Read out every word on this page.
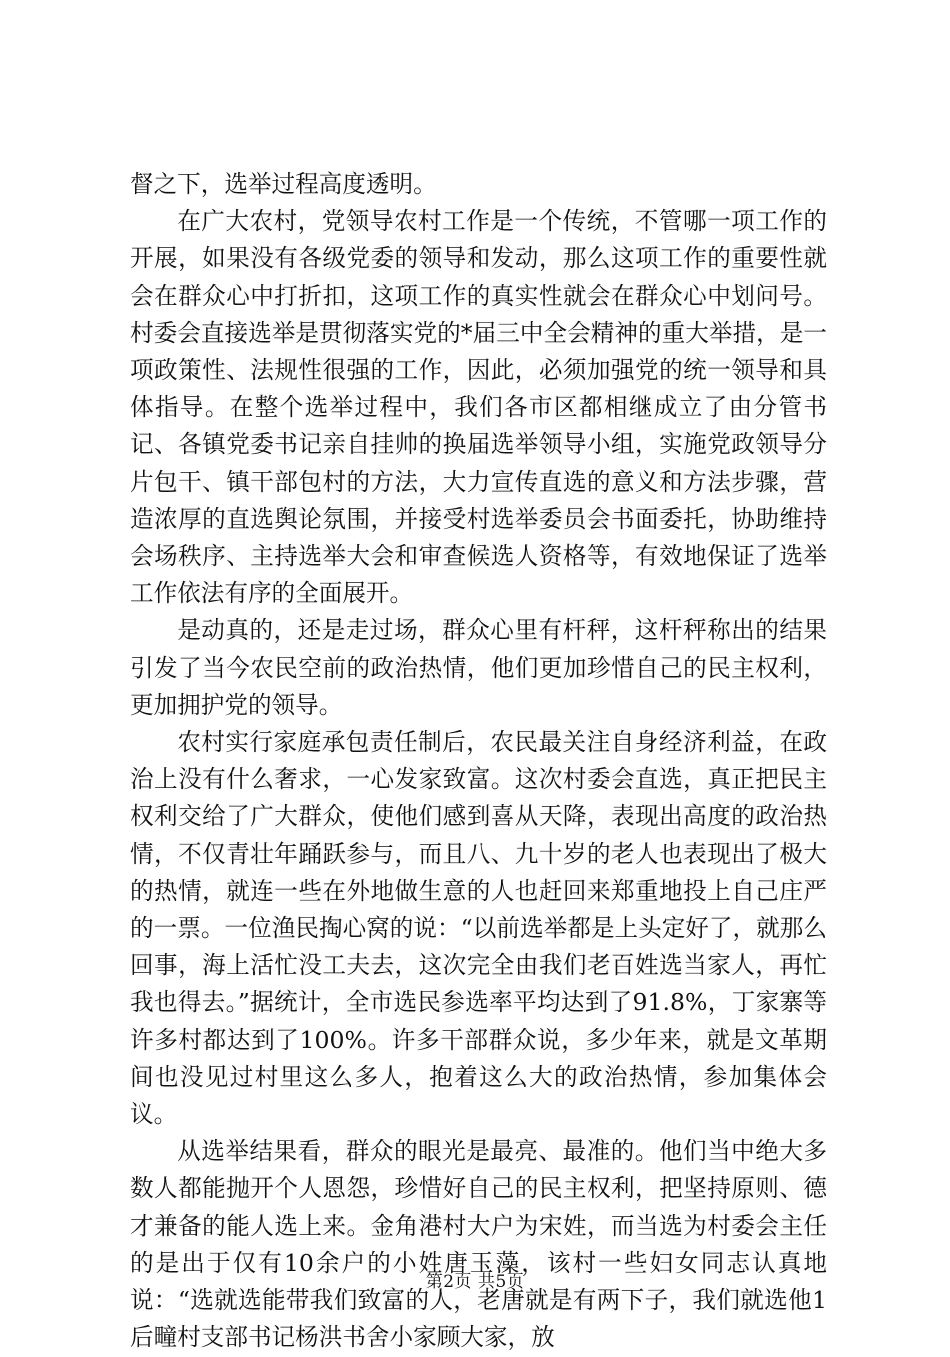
督之下，选举过程高度透明。

在广大农村，党领导农村工作是一个传统，不管哪一项工作的开展，如果没有各级党委的领导和发动，那么这项工作的重要性就会在群众心中打折扣，这项工作的真实性就会在群众心中划问号。村委会直接选举是贯彻落实党的*届三中全会精神的重大举措，是一项政策性、法规性很强的工作，因此，必须加强党的统一领导和具体指导。在整个选举过程中，我们各市区都相继成立了由分管书记、各镇党委书记亲自挂帅的换届选举领导小组，实施党政领导分片包干、镇干部包村的方法，大力宣传直选的意义和方法步骤，营造浓厚的直选舆论氛围，并接受村选举委员会书面委托，协助维持会场秩序、主持选举大会和审查候选人资格等，有效地保证了选举工作依法有序的全面展开。

是动真的，还是走过场，群众心里有杆秤，这杆秤称出的结果引发了当今农民空前的政治热情，他们更加珍惜自己的民主权利，更加拥护党的领导。

农村实行家庭承包责任制后，农民最关注自身经济利益，在政治上没有什么奢求，一心发家致富。这次村委会直选，真正把民主权利交给了广大群众，使他们感到喜从天降，表现出高度的政治热情，不仅青壮年踊跃参与，而且八、九十岁的老人也表现出了极大的热情，就连一些在外地做生意的人也赶回来郑重地投上自己庄严的一票。一位渔民掏心窝的说：“以前选举都是上头定好了，就那么回事，海上活忙没工夫去，这次完全由我们老百姓选当家人，再忙我也得去。”据统计，全市选民参选率平均达到了91.8%，丁家寨等许多村都达到了100%。许多干部群众说，多少年来，就是文革期间也没见过村里这么多人，抱着这么大的政治热情，参加集体会议。

从选举结果看，群众的眼光是最亮、最准的。他们当中绝大多数人都能抛开个人恩怨，珍惜好自己的民主权利，把坚持原则、德才兼备的能人选上来。金角港村大户为宋姓，而当选为村委会主任的是出于仅有10余户的小姓唐玉藻，该村一些妇女同志认真地说：“选就选能带我们致富的人，老唐就是有两下子，我们就选他1后疃村支部书记杨洪书舍小家顾大家，放

第2页 共5页
